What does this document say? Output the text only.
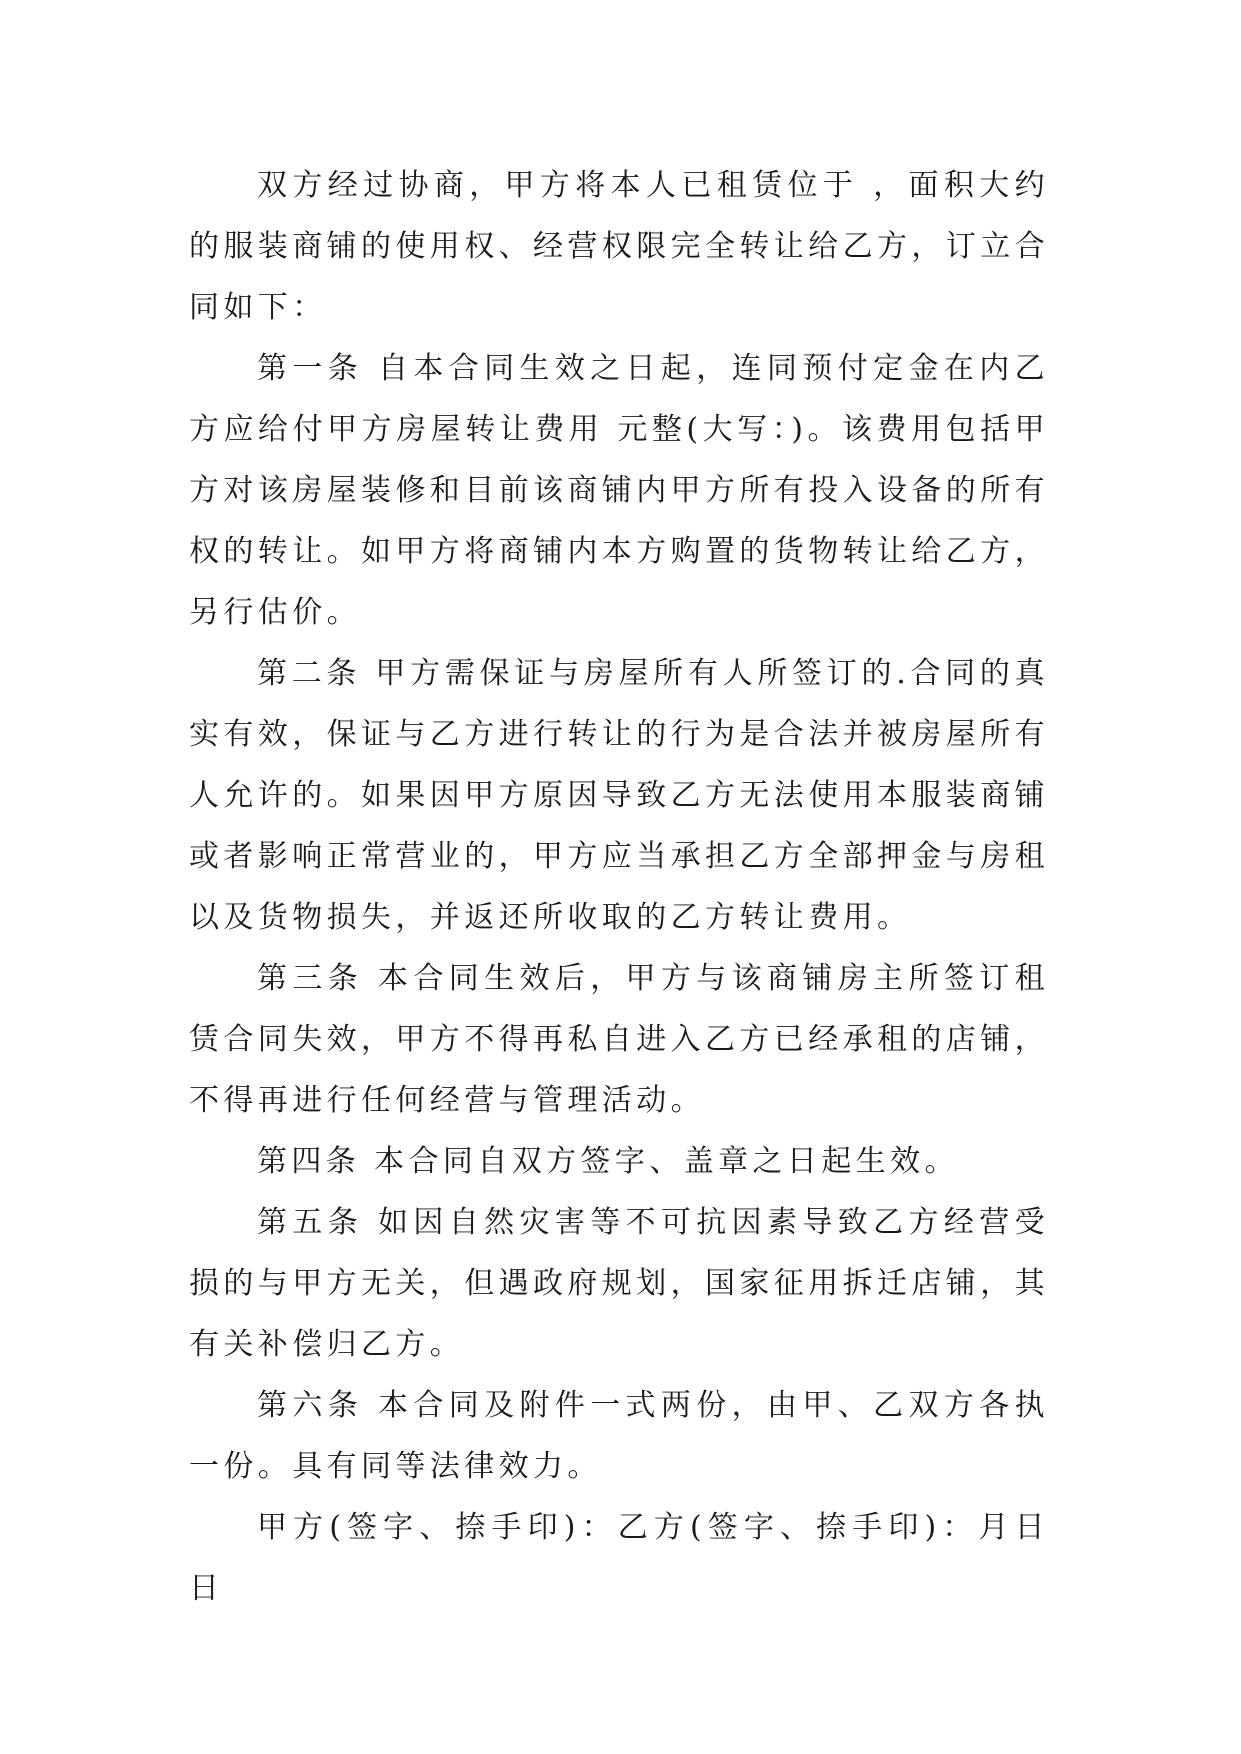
双方经过协商，甲方将本人已租赁位于 ，面积大约 的服装商铺的使用权、经营权限完全转让给乙方，订立合同如下：

第一条 自本合同生效之日起，连同预付定金在内乙方应给付甲方房屋转让费用 元整(大写：)。该费用包括甲方对该房屋装修和目前该商铺内甲方所有投入设备的所有权的转让。如甲方将商铺内本方购置的货物转让给乙方，另行估价。

第二条 甲方需保证与房屋所有人所签订的.合同的真实有效，保证与乙方进行转让的行为是合法并被房屋所有人允许的。如果因甲方原因导致乙方无法使用本服装商铺或者影响正常营业的，甲方应当承担乙方全部押金与房租以及货物损失，并返还所收取的乙方转让费用。

第三条 本合同生效后，甲方与该商铺房主所签订租赁合同失效，甲方不得再私自进入乙方已经承租的店铺，不得再进行任何经营与管理活动。

第四条 本合同自双方签字、盖章之日起生效。

第五条 如因自然灾害等不可抗因素导致乙方经营受损的与甲方无关，但遇政府规划，国家征用拆迁店铺，其有关补偿归乙方。

第六条 本合同及附件一式两份，由甲、乙双方各执一份。具有同等法律效力。

甲方(签字、捺手印)：乙方(签字、捺手印)：月日 日
